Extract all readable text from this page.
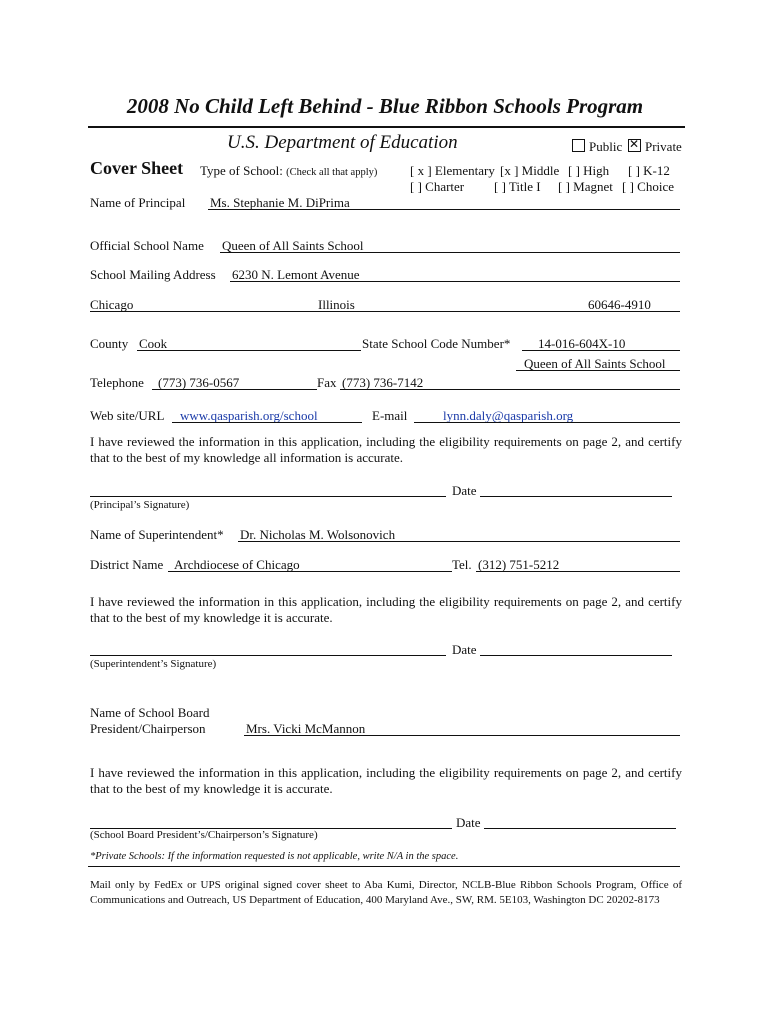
2008 No Child Left Behind - Blue Ribbon Schools Program
U.S. Department of Education	Public
✕	Private
Cover Sheet Type of School: (Check all that apply)	[ x ] Elementary [x ] Middle [ ] High [ ] K-12
[ ] Charter [ ] Title I [ ] Magnet [ ] Choice
Name of Principal Ms. Stephanie M. DiPrima
Official School Name Queen of All Saints School
School Mailing Address 6230 N. Lemont Avenue
Chicago	Illinois	60646-4910
County Cook	State School Code Number* 14-016-604X-10
Queen of All Saints School
Telephone (773) 736-0567	Fax (773) 736-7142
Web site/URL www.qasparish.org/school	E-mail	lynn.daly@qasparish.org
I have reviewed the information in this application, including the eligibility requirements on page 2, and certify that to the best of my knowledge all information is accurate.
Date
(Principal’s Signature)
Name of Superintendent* Dr. Nicholas M. Wolsonovich
District Name Archdiocese of Chicago	Tel. (312) 751-5212
I have reviewed the information in this application, including the eligibility requirements on page 2, and certify that to the best of my knowledge it is accurate.
Date
(Superintendent’s Signature)
Name of School Board
President/Chairperson	Mrs. Vicki McMannon
I have reviewed the information in this application, including the eligibility requirements on page 2, and certify that to the best of my knowledge it is accurate.
Date
(School Board President’s/Chairperson’s Signature)
*Private Schools: If the information requested is not applicable, write N/A in the space.
Mail only by FedEx or UPS original signed cover sheet to Aba Kumi, Director, NCLB-Blue Ribbon Schools Program, Office of Communications and Outreach, US Department of Education, 400 Maryland Ave., SW, RM. 5E103, Washington DC 20202-8173
